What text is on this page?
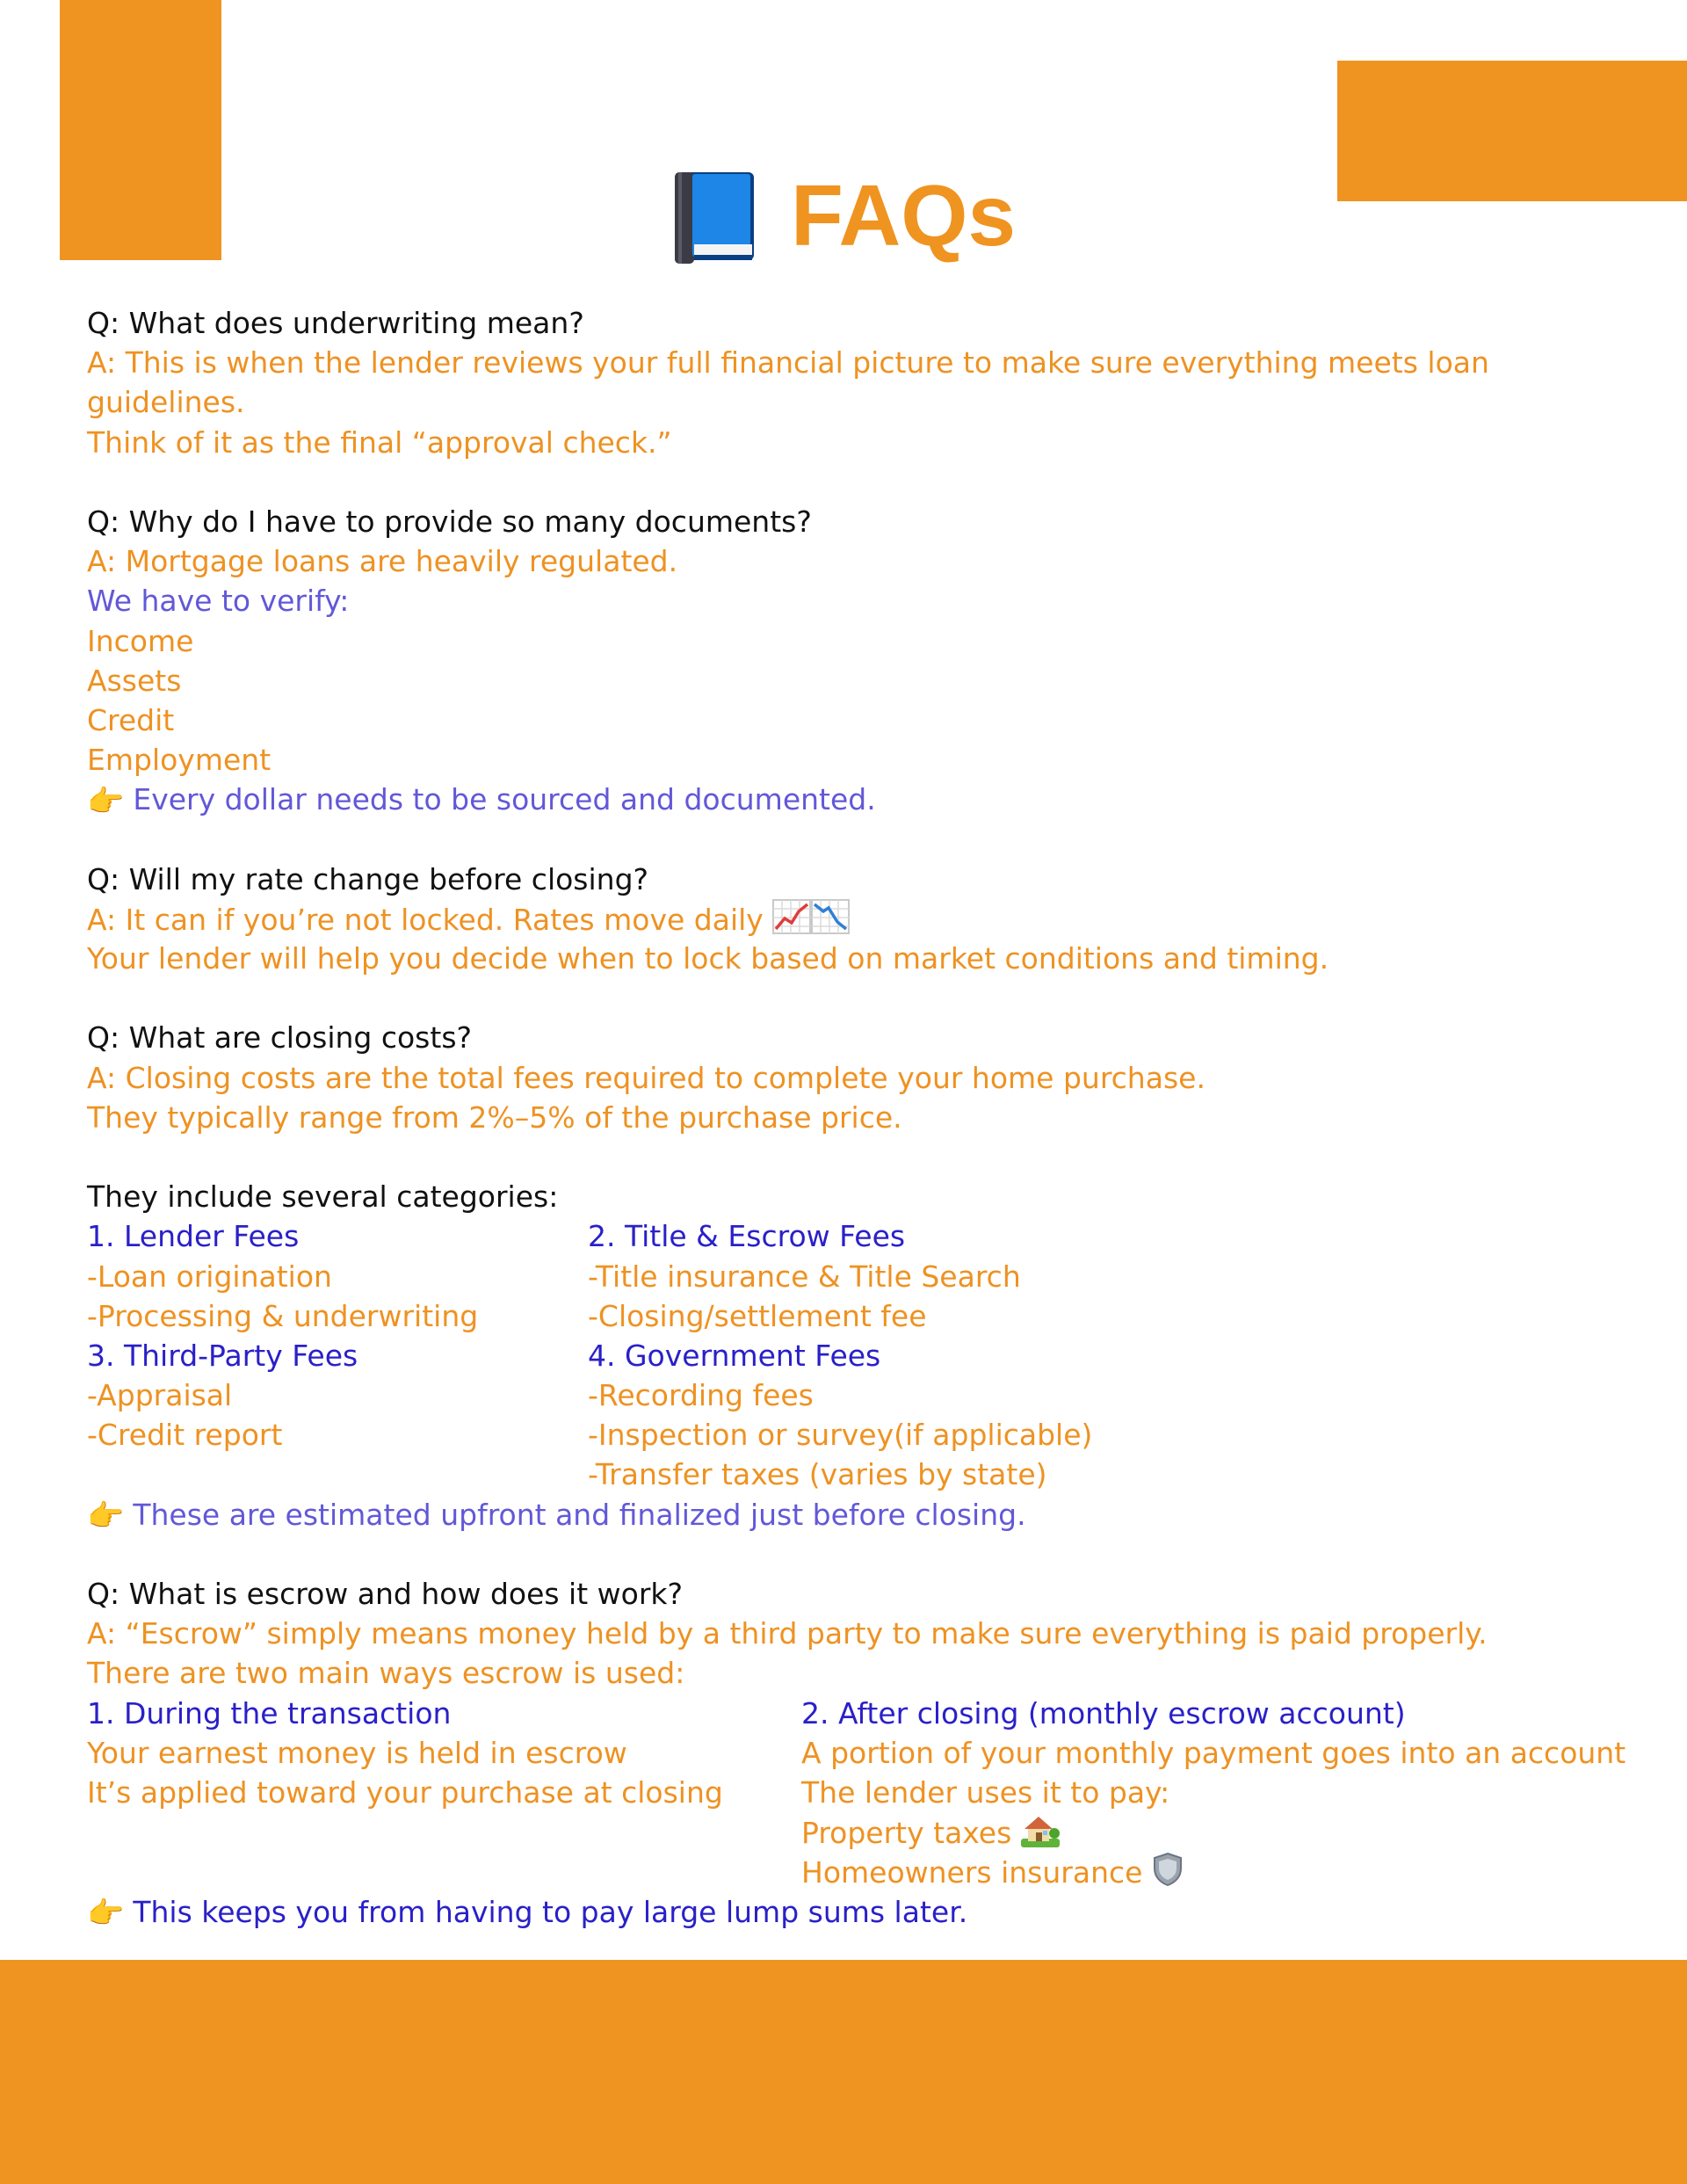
FAQs
Q: What does underwriting mean?
A: This is when the lender reviews your full financial picture to make sure everything meets loan
guidelines.
Think of it as the final “approval check.”
Q: Why do I have to provide so many documents?
A: Mortgage loans are heavily regulated.
We have to verify:
Income
Assets
Credit
Employment
👉 Every dollar needs to be sourced and documented.
Q: Will my rate change before closing?
A: It can if you’re not locked. Rates move daily
Your lender will help you decide when to lock based on market conditions and timing.
Q: What are closing costs?
A: Closing costs are the total fees required to complete your home purchase.
They typically range from 2%–5% of the purchase price.
They include several categories:
1. Lender Fees
-Loan origination
-Processing & underwriting
3. Third-Party Fees
-Appraisal
-Credit report
2. Title & Escrow Fees
-Title insurance & Title Search
-Closing/settlement fee
4. Government Fees
-Recording fees
-Inspection or survey(if applicable)
-Transfer taxes (varies by state)
👉 These are estimated upfront and finalized just before closing.
Q: What is escrow and how does it work?
A: “Escrow” simply means money held by a third party to make sure everything is paid properly.
There are two main ways escrow is used:
1. During the transaction
Your earnest money is held in escrow
It’s applied toward your purchase at closing
2. After closing (monthly escrow account)
A portion of your monthly payment goes into an account
The lender uses it to pay:
Property taxes
Homeowners insurance
👉 This keeps you from having to pay large lump sums later.
